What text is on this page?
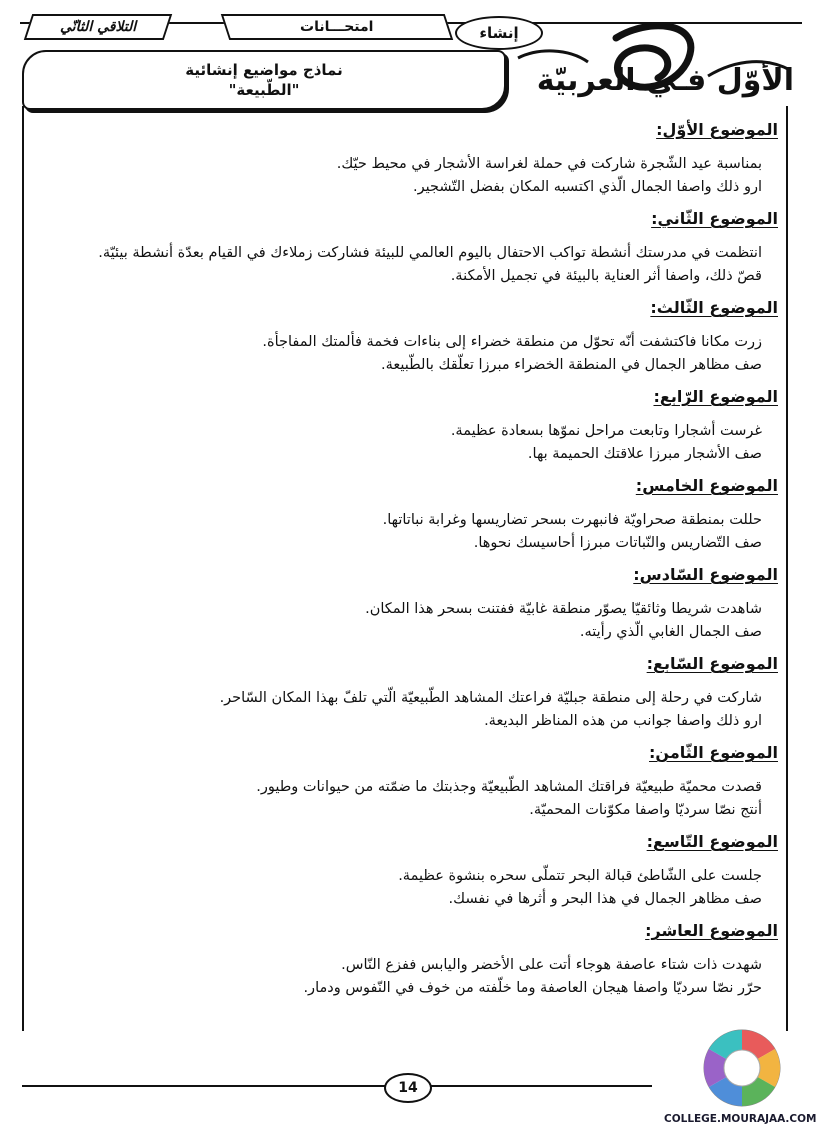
التلاقي الثانّي	امتحـــانات	إنشاء
الأوّل فـي العربيّة
نماذج مواضيع إنشائية
"الطّبيعة"
الموضوع الأوّل:
بمناسبة عيد الشّجرة شاركت في حملة لغراسة الأشجار في محيط حيّك.
ارو ذلك واصفا الجمال الّذي اكتسبه المكان بفضل التّشجير.
الموضوع الثّاني:
انتظمت في مدرستك أنشطة تواكب الاحتفال باليوم العالمي للبيئة فشاركت زملاءك في القيام بعدّة أنشطة بيئيّة.
قصّ ذلك، واصفا أثر العناية بالبيئة في تجميل الأمكنة.
الموضوع الثّالث:
زرت مكانا فاكتشفت أنّه تحوّل من منطقة خضراء إلى بناءات فخمة فألمتك المفاجأة.
صف مظاهر الجمال في المنطقة الخضراء مبرزا تعلّقك بالطّبيعة.
الموضوع الرّابع:
غرست أشجارا وتابعت مراحل نموّها بسعادة عظيمة.
صف الأشجار مبرزا علاقتك الحميمة بها.
الموضوع الخامس:
حللت بمنطقة صحراويّة فانبهرت بسحر تضاريسها وغرابة نباتاتها.
صف التّضاريس والنّباتات مبرزا أحاسيسك نحوها.
الموضوع السّادس:
شاهدت شريطا وثائقيّا يصوّر منطقة غابيّة ففتنت بسحر هذا المكان.
صف الجمال الغابي الّذي رأيته.
الموضوع السّابع:
شاركت في رحلة إلى منطقة جبليّة فراعتك المشاهد الطّبيعيّة الّتي تلفّ بهذا المكان السّاحر.
ارو ذلك واصفا جوانب من هذه المناظر البديعة.
الموضوع الثّامن:
قصدت محميّة طبيعيّة فراقتك المشاهد الطّبيعيّة وجذبتك ما ضمّته من حيوانات وطيور.
أنتج نصّا سرديّا واصفا مكوّنات المحميّة.
الموضوع التّاسع:
جلست على الشّاطئ قبالة البحر تتملّى سحره بنشوة عظيمة.
صف مظاهر الجمال في هذا البحر و أثرها في نفسك.
الموضوع العاشر:
شهدت ذات شتاء عاصفة هوجاء أتت على الأخضر واليابس ففزع النّاس.
حرّر نصّا سرديّا واصفا هيجان العاصفة وما خلّفته من خوف في النّفوس ودمار.
14
COLLEGE.MOURAJAA.COM
